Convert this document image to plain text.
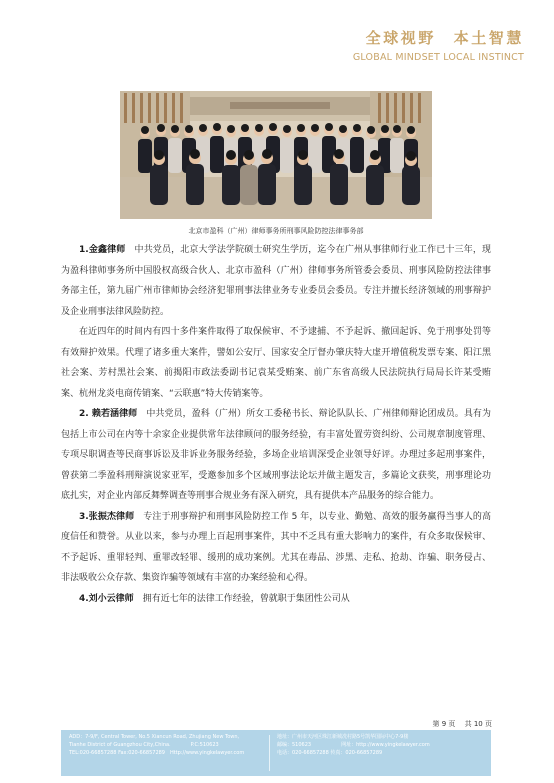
全球视野　本土智慧
GLOBAL MINDSET LOCAL INSTINCT
北京市盈科（广州）律师事务所刑事风险防控法律事务部

1.金鑫律师　中共党员，北京大学法学院硕士研究生学历，迄今在广州从事律师行业工作已十三年，现为盈科律师事务所中国股权高级合伙人、北京市盈科（广州）律师事务所管委会委员、刑事风险防控法律事务部主任，第九届广州市律师协会经济犯罪刑事法律业务专业委员会委员。专注并擅长经济领域的刑事辩护及企业刑事法律风险防控。

在近四年的时间内有四十多件案件取得了取保候审、不予逮捕、不予起诉、撤回起诉、免于刑事处罚等有效辩护效果。代理了诸多重大案件，譬如公安厅、国家安全厅督办肇庆特大虚开增值税发票专案、阳江黑社会案、芳村黑社会案、前揭阳市政法委副书记袁某受贿案、前广东省高级人民法院执行局局长许某受贿案、杭州龙炎电商传销案、“云联惠”特大传销案等。

2. 赖若涵律师　中共党员，盈科（广州）所女工委秘书长、辩论队队长、广州律师辩论团成员。具有为包括上市公司在内等十余家企业提供常年法律顾问的服务经验，有丰富处置劳资纠纷、公司规章制度管理、专项尽职调查等民商事诉讼及非诉业务服务经验，多场企业培训深受企业领导好评。办理过多起刑事案件，曾获第二季盈科刑辩演说家亚军，受邀参加多个区域刑事法论坛并做主题发言，多篇论文获奖，刑事理论功底扎实，对企业内部反舞弊调查等刑事合规业务有深入研究，具有提供本产品服务的综合能力。

3.张振杰律师　专注于刑事辩护和刑事风险防控工作 5 年，以专业、勤勉、高效的服务赢得当事人的高度信任和赞誉。从业以来，参与办理上百起刑事案件，其中不乏具有重大影响力的案件，有众多取保候审、不予起诉、重罪轻判、重罪改轻罪、缓刑的成功案例。尤其在毒品、涉黑、走私、抢劫、诈骗、职务侵占、非法吸收公众存款、集资诈骗等领域有丰富的办案经验和心得。

4.刘小云律师　拥有近七年的法律工作经验，曾就职于集团性公司从

第 9 页　 共 10 页
ADD：7-9/F, Central Tower, No.5 Xiancun Road, Zhujiang New Town,
Tianhe District of Guangzhou City,China.　　　　P.C:510623
TEL:020-66857288 Fax:020-66857289　Http://www.yingkelawyer.com
地址：广州市天河区珠江新城冼村路5号凯华国际中心7-9楼
邮编：510623　　　　　　网址：http://www.yingkelawyer.com
电话：020-66857288 传真：020-66857289
